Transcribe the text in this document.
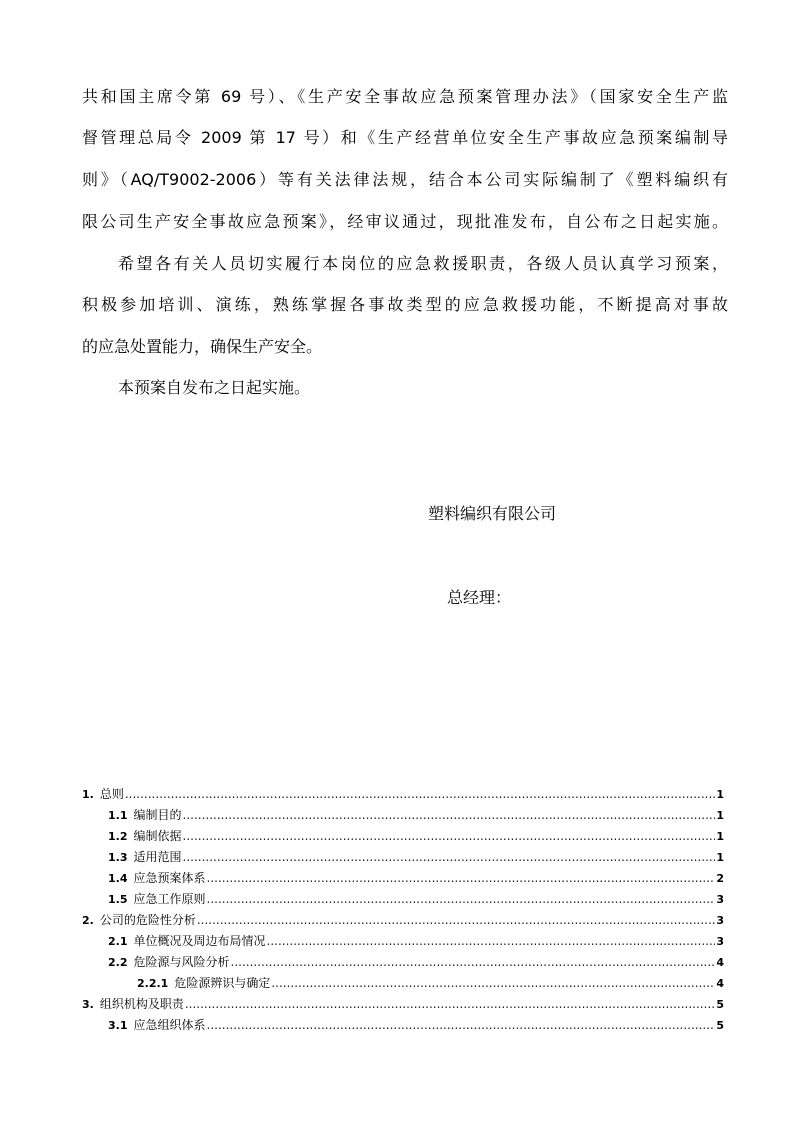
共和国主席令第 69 号）、《生产安全事故应急预案管理办法》（国家安全生产监
督管理总局令 2009 第 17 号）和《生产经营单位安全生产事故应急预案编制导
则》（AQ/T9002-2006）等有关法律法规，结合本公司实际编制了《塑料编织有
限公司生产安全事故应急预案》，经审议通过，现批准发布，自公布之日起实施。
希望各有关人员切实履行本岗位的应急救援职责，各级人员认真学习预案，
积极参加培训、演练，熟练掌握各事故类型的应急救援功能，不断提高对事故
的应急处置能力，确保生产安全。
本预案自发布之日起实施。
塑料编织有限公司
总经理：
1. 总则 .....	1
1.1 编制目的 .....	1
1.2 编制依据 .....	1
1.3 适用范围 .....	1
1.4 应急预案体系 .....	2
1.5 应急工作原则 .....	3
2. 公司的危险性分析 .....	3
2.1 单位概况及周边布局情况 .....	3
2.2 危险源与风险分析 .....	4
2.2.1 危险源辨识与确定 .....	4
3. 组织机构及职责 .....	5
3.1 应急组织体系 .....	5
